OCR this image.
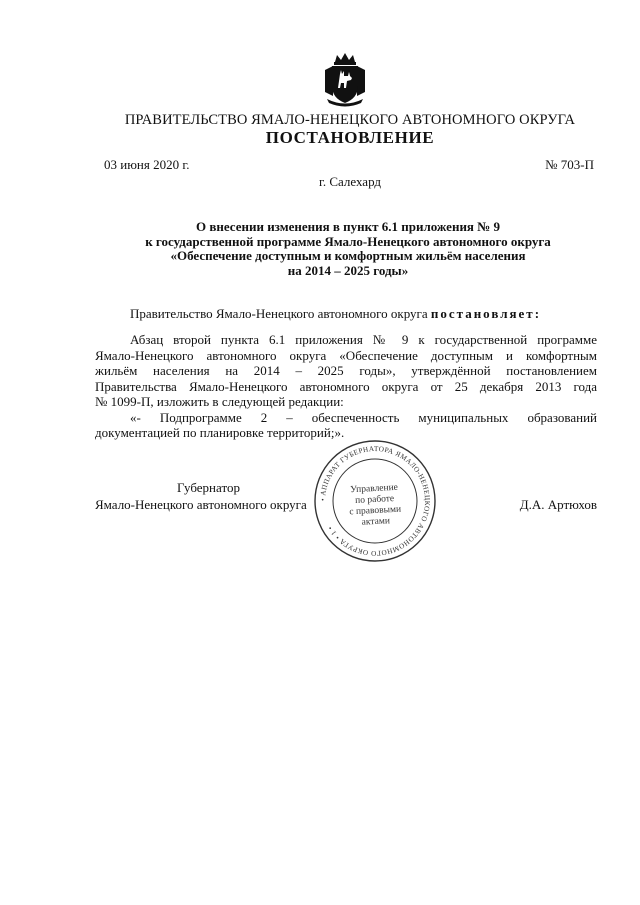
ПРАВИТЕЛЬСТВО ЯМАЛО-НЕНЕЦКОГО АВТОНОМНОГО ОКРУГА
ПОСТАНОВЛЕНИЕ
03 июня 2020 г.	№ 703-П
г. Салехард
О внесении изменения в пункт 6.1 приложения № 9
к государственной программе Ямало-Ненецкого автономного округа
«Обеспечение доступным и комфортным жильём населения
на 2014 – 2025 годы»
Правительство Ямало-Ненецкого автономного округа постановляет:
Абзац второй пункта 6.1 приложения № 9 к государственной программе
Ямало-Ненецкого автономного округа «Обеспечение доступным и комфортным
жильём населения на 2014 – 2025 годы», утверждённой постановлением
Правительства Ямало-Ненецкого автономного округа от 25 декабря 2013 года
№ 1099-П, изложить в следующей редакции:
«- Подпрограмме 2 – обеспеченность муниципальных образований
документацией по планировке территорий;».
Губернатор
Ямало-Ненецкого автономного округа	Д.А. Артюхов
• АППАРАТ ГУБЕРНАТОРА ЯМАЛО-НЕНЕЦКОГО АВТОНОМНОГО ОКРУГА • 1 •
Управление
по работе
с правовыми
актами
